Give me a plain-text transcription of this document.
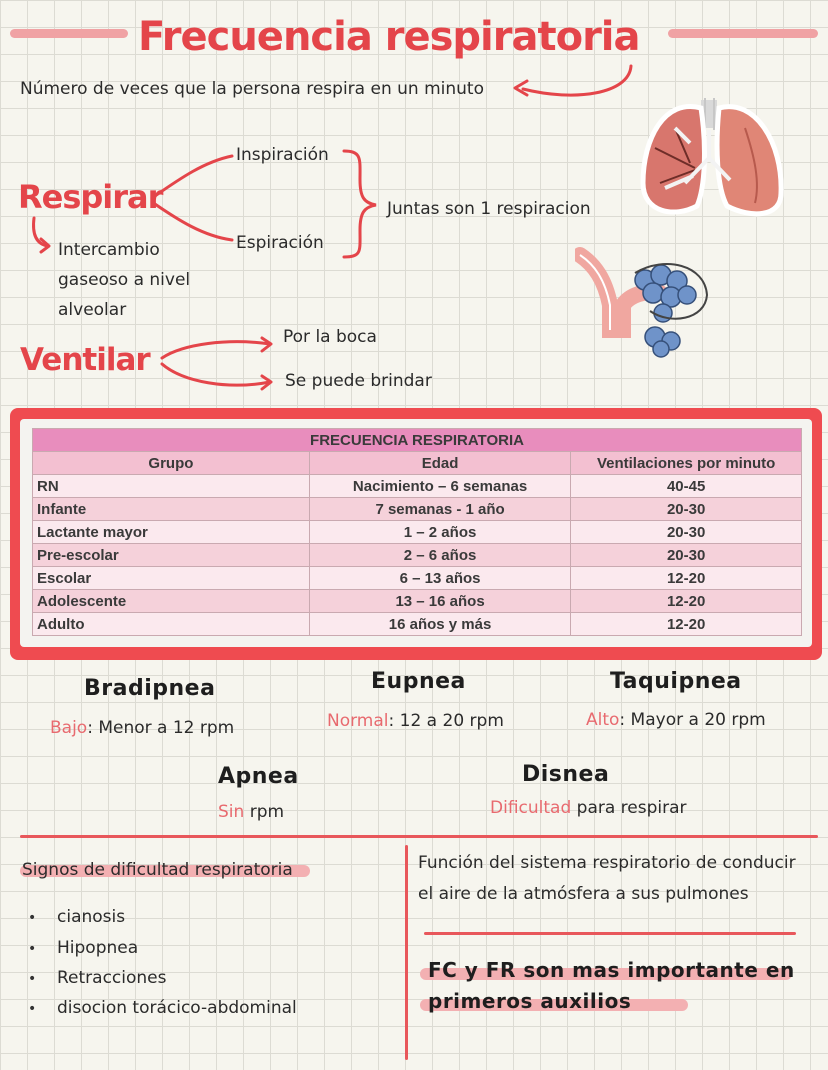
Frecuencia respiratoria
Número de veces que la persona respira en un minuto
Respirar
Inspiración
Espiración
Juntas son 1 respiracion
Intercambio
gaseoso a nivel
alveolar
Ventilar
Por la boca
Se puede brindar
FRECUENCIA RESPIRATORIA		
Grupo	Edad	Ventilaciones por minuto
RN	Nacimiento – 6 semanas	40-45
Infante	7 semanas - 1 año	20-30
Lactante mayor	1 – 2 años	20-30
Pre-escolar	2 – 6 años	20-30
Escolar	6 – 13 años	12-20
Adolescente	13 – 16 años	12-20
Adulto	16 años y más	12-20
Bradipnea
Bajo: Menor a 12 rpm
Eupnea
Normal: 12 a 20 rpm
Taquipnea
Alto: Mayor a 20 rpm
Apnea
Sin rpm
Disnea
Dificultad para respirar
Signos de dificultad respiratoria
• cianosis
• Hipopnea
• Retracciones
• disocion torácico-abdominal
Función del sistema respiratorio de conducir
el aire de la atmósfera a sus pulmones
FC y FR son mas importante en
primeros auxilios
